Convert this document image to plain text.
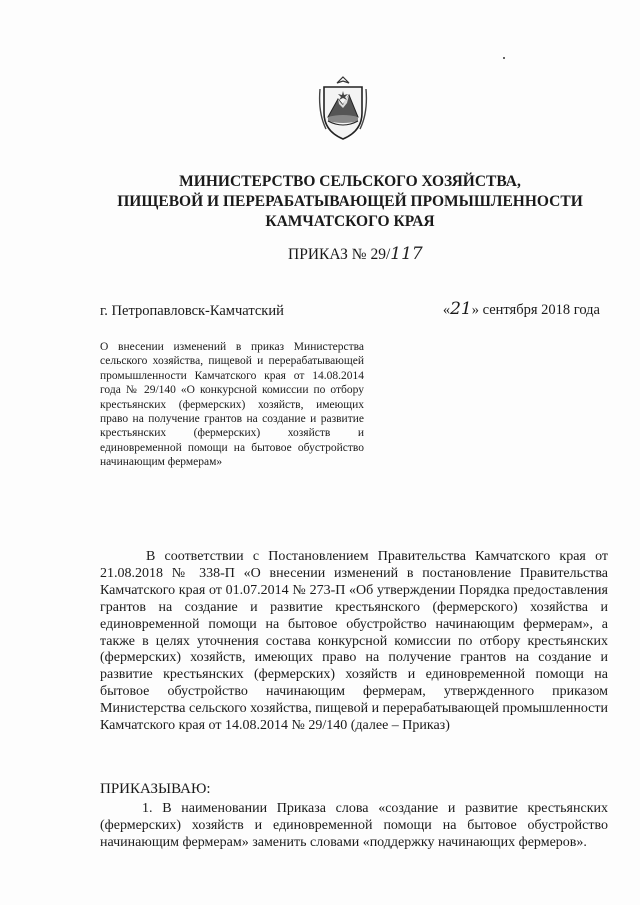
МИНИСТЕРСТВО СЕЛЬСКОГО ХОЗЯЙСТВА,
ПИЩЕВОЙ И ПЕРЕРАБАТЫВАЮЩЕЙ ПРОМЫШЛЕННОСТИ
КАМЧАТСКОГО КРАЯ
ПРИКАЗ № 29/117
г. Петропавловск-Камчатский	«21» сентября 2018 года
О внесении изменений в приказ Министерства сельского хозяйства, пищевой и перерабатывающей промышленности Камчатского края от 14.08.2014 года № 29/140 «О конкурсной комиссии по отбору крестьянских (фермерских) хозяйств, имеющих право на получение грантов на создание и развитие крестьянских (фермерских) хозяйств и единовременной помощи на бытовое обустройство начинающим фермерам»

В соответствии с Постановлением Правительства Камчатского края от 21.08.2018 № 338-П «О внесении изменений в постановление Правительства Камчатского края от 01.07.2014 № 273-П «Об утверждении Порядка предоставления грантов на создание и развитие крестьянского (фермерского) хозяйства и единовременной помощи на бытовое обустройство начинающим фермерам», а также в целях уточнения состава конкурсной комиссии по отбору крестьянских (фермерских) хозяйств, имеющих право на получение грантов на создание и развитие крестьянских (фермерских) хозяйств и единовременной помощи на бытовое обустройство начинающим фермерам, утвержденного приказом Министерства сельского хозяйства, пищевой и перерабатывающей промышленности Камчатского края от 14.08.2014 № 29/140 (далее – Приказ)

ПРИКАЗЫВАЮ:

1. В наименовании Приказа слова «создание и развитие крестьянских (фермерских) хозяйств и единовременной помощи на бытовое обустройство начинающим фермерам» заменить словами «поддержку начинающих фермеров».
